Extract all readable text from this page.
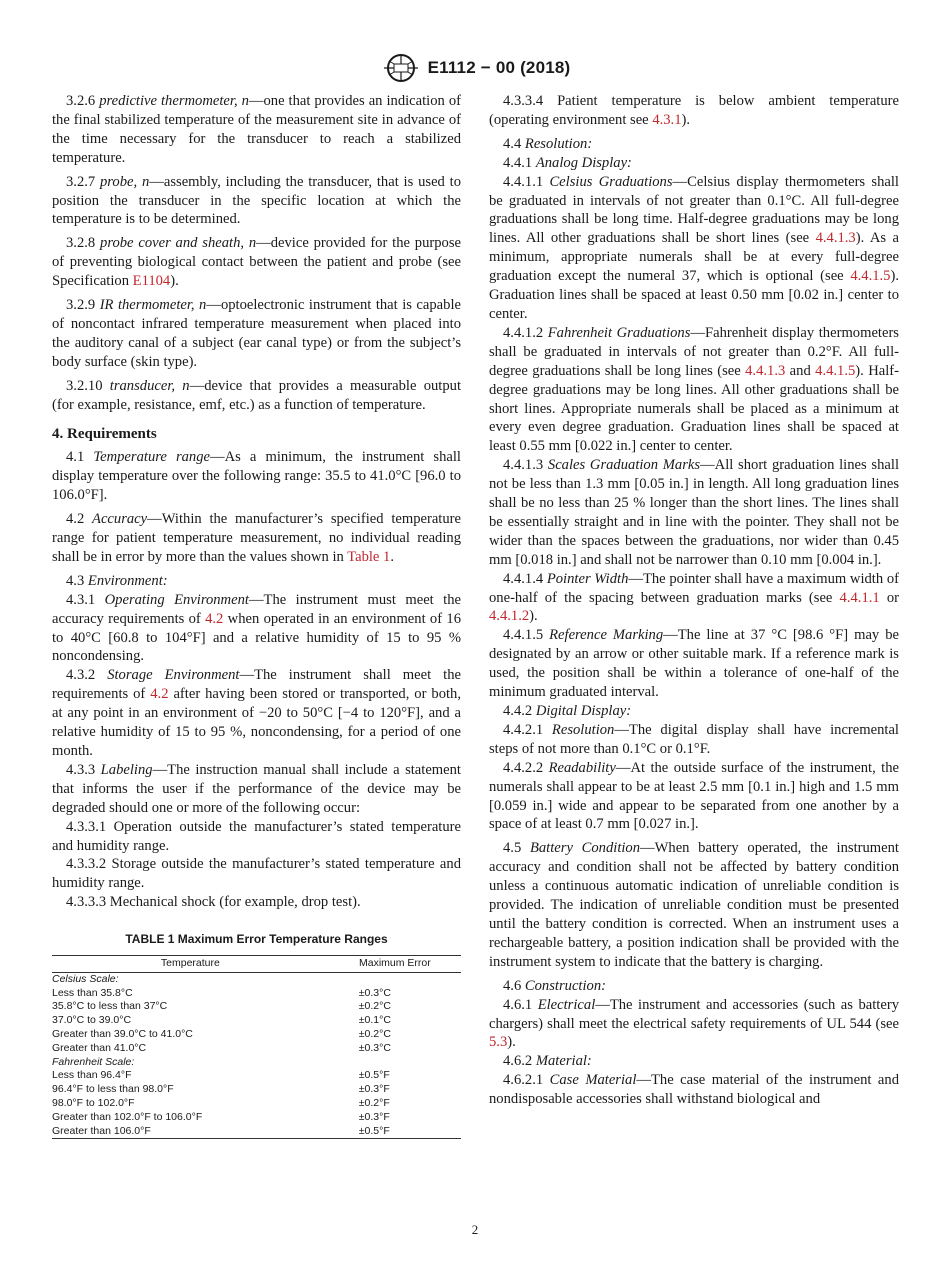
E1112 − 00 (2018)

3.2.6 predictive thermometer, n—one that provides an indication of the final stabilized temperature of the measurement site in advance of the time necessary for the transducer to reach a stabilized temperature.

3.2.7 probe, n—assembly, including the transducer, that is used to position the transducer in the specific location at which the temperature is to be determined.

3.2.8 probe cover and sheath, n—device provided for the purpose of preventing biological contact between the patient and probe (see Specification E1104).

3.2.9 IR thermometer, n—optoelectronic instrument that is capable of noncontact infrared temperature measurement when placed into the auditory canal of a subject (ear canal type) or from the subject’s body surface (skin type).

3.2.10 transducer, n—device that provides a measurable output (for example, resistance, emf, etc.) as a function of temperature.

4. Requirements

4.1 Temperature range—As a minimum, the instrument shall display temperature over the following range: 35.5 to 41.0°C [96.0 to 106.0°F].

4.2 Accuracy—Within the manufacturer’s specified temperature range for patient temperature measurement, no individual reading shall be in error by more than the values shown in Table 1.

4.3 Environment:

4.3.1 Operating Environment—The instrument must meet the accuracy requirements of 4.2 when operated in an environment of 16 to 40°C [60.8 to 104°F] and a relative humidity of 15 to 95 % noncondensing.

4.3.2 Storage Environment—The instrument shall meet the requirements of 4.2 after having been stored or transported, or both, at any point in an environment of −20 to 50°C [−4 to 120°F], and a relative humidity of 15 to 95 %, noncondensing, for a period of one month.

4.3.3 Labeling—The instruction manual shall include a statement that informs the user if the performance of the device may be degraded should one or more of the following occur:

4.3.3.1 Operation outside the manufacturer’s stated temperature and humidity range.

4.3.3.2 Storage outside the manufacturer’s stated temperature and humidity range.

4.3.3.3 Mechanical shock (for example, drop test).

TABLE 1 Maximum Error Temperature Ranges
Temperature	Maximum Error
Celsius Scale:	
Less than 35.8°C	±0.3°C
35.8°C to less than 37°C	±0.2°C
37.0°C to 39.0°C	±0.1°C
Greater than 39.0°C to 41.0°C	±0.2°C
Greater than 41.0°C	±0.3°C
Fahrenheit Scale:	
Less than 96.4°F	±0.5°F
96.4°F to less than 98.0°F	±0.3°F
98.0°F to 102.0°F	±0.2°F
Greater than 102.0°F to 106.0°F	±0.3°F
Greater than 106.0°F	±0.5°F

4.3.3.4 Patient temperature is below ambient temperature (operating environment see 4.3.1).

4.4 Resolution:

4.4.1 Analog Display:

4.4.1.1 Celsius Graduations—Celsius display thermometers shall be graduated in intervals of not greater than 0.1°C. All full-degree graduations shall be long time. Half-degree graduations may be long lines. All other graduations shall be short lines (see 4.4.1.3). As a minimum, appropriate numerals shall be at every full-degree graduation except the numeral 37, which is optional (see 4.4.1.5). Graduation lines shall be spaced at least 0.50 mm [0.02 in.] center to center.

4.4.1.2 Fahrenheit Graduations—Fahrenheit display thermometers shall be graduated in intervals of not greater than 0.2°F. All full-degree graduations shall be long lines (see 4.4.1.3 and 4.4.1.5). Half-degree graduations may be long lines. All other graduations shall be short lines. Appropriate numerals shall be placed as a minimum at every even degree graduation. Graduation lines shall be spaced at least 0.55 mm [0.022 in.] center to center.

4.4.1.3 Scales Graduation Marks—All short graduation lines shall not be less than 1.3 mm [0.05 in.] in length. All long graduation lines shall be no less than 25 % longer than the short lines. The lines shall be essentially straight and in line with the pointer. They shall not be wider than the spaces between the graduations, nor wider than 0.45 mm [0.018 in.] and shall not be narrower than 0.10 mm [0.004 in.].

4.4.1.4 Pointer Width—The pointer shall have a maximum width of one-half of the spacing between graduation marks (see 4.4.1.1 or 4.4.1.2).

4.4.1.5 Reference Marking—The line at 37 °C [98.6 °F] may be designated by an arrow or other suitable mark. If a reference mark is used, the position shall be within a tolerance of one-half of the minimum graduated interval.

4.4.2 Digital Display:

4.4.2.1 Resolution—The digital display shall have incremental steps of not more than 0.1°C or 0.1°F.

4.4.2.2 Readability—At the outside surface of the instrument, the numerals shall appear to be at least 2.5 mm [0.1 in.] high and 1.5 mm [0.059 in.] wide and appear to be separated from one another by a space of at least 0.7 mm [0.027 in.].

4.5 Battery Condition—When battery operated, the instrument accuracy and condition shall not be affected by battery condition unless a continuous automatic indication of unreliable condition is provided. The indication of unreliable condition must be presented until the battery condition is corrected. When an instrument uses a rechargeable battery, a position indication shall be provided with the instrument system to indicate that the battery is charging.

4.6 Construction:

4.6.1 Electrical—The instrument and accessories (such as battery chargers) shall meet the electrical safety requirements of UL 544 (see 5.3).

4.6.2 Material:

4.6.2.1 Case Material—The case material of the instrument and nondisposable accessories shall withstand biological and

2
